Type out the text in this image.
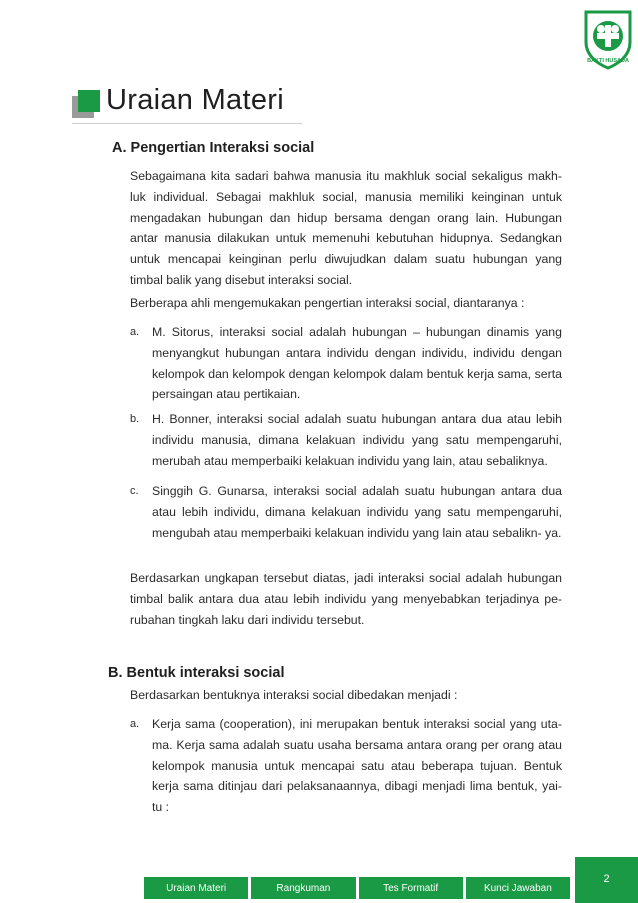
BAKTI HUSADA
Uraian Materi
A. Pengertian Interaksi social
Sebagaimana kita sadari bahwa manusia itu makhluk social sekaligus makh- luk individual. Sebagai makhluk social, manusia memiliki keinginan untuk mengadakan hubungan dan hidup bersama dengan orang lain. Hubungan antar manusia dilakukan untuk memenuhi kebutuhan hidupnya. Sedangkan untuk mencapai keinginan perlu diwujudkan dalam suatu hubungan yang timbal balik yang disebut interaksi social.
Berberapa ahli mengemukakan pengertian interaksi social, diantaranya :
a.	M. Sitorus, interaksi social adalah hubungan – hubungan dinamis yang menyangkut hubungan antara individu dengan individu, individu dengan kelompok dan kelompok dengan kelompok dalam bentuk kerja sama, serta persaingan atau pertikaian.
b.	H. Bonner, interaksi social adalah suatu hubungan antara dua atau lebih individu manusia, dimana kelakuan individu yang satu mempengaruhi, merubah atau memperbaiki kelakuan individu yang lain, atau sebaliknya.
c.	Singgih G. Gunarsa, interaksi social adalah suatu hubungan antara dua atau lebih individu, dimana kelakuan individu yang satu mempengaruhi, mengubah atau memperbaiki kelakuan individu yang lain atau sebalikn- ya.
Berdasarkan ungkapan tersebut diatas, jadi interaksi social adalah hubungan timbal balik antara dua atau lebih individu yang menyebabkan terjadinya pe- rubahan tingkah laku dari individu tersebut.
B. Bentuk interaksi social
Berdasarkan bentuknya interaksi social dibedakan menjadi :
a.	Kerja sama (cooperation), ini merupakan bentuk interaksi social yang uta- ma. Kerja sama adalah suatu usaha bersama antara orang per orang atau kelompok manusia untuk mencapai satu atau beberapa tujuan. Bentuk kerja sama ditinjau dari pelaksanaannya, dibagi menjadi lima bentuk, yai- tu :
Uraian Materi	Rangkuman	Tes Formatif	Kunci Jawaban
2
